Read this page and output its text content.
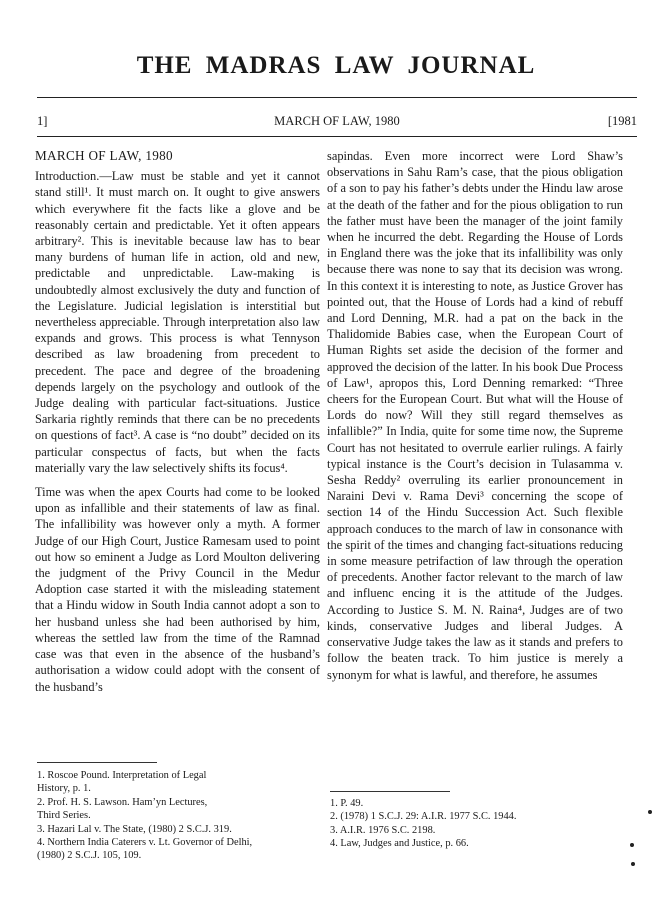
THE MADRAS LAW JOURNAL
1]	MARCH OF LAW, 1980	[1981

MARCH OF LAW, 1980

Introduction.—Law must be stable and yet it cannot stand still¹. It must march on. It ought to give answers which everywhere fit the facts like a glove and be reasonably certain and predictable. Yet it often appears arbitrary². This is inevitable because law has to bear many burdens of human life in action, old and new, predictable and unpredictable. Law-making is undoubtedly almost exclusively the duty and function of the Legislature. Judicial legislation is interstitial but nevertheless appreciable. Through interpretation also law expands and grows. This process is what Tennyson described as law broadening from precedent to precedent. The pace and degree of the broadening depends largely on the psychology and outlook of the Judge dealing with particular fact-situations. Justice Sarkaria rightly reminds that there can be no precedents on questions of fact³. A case is “no doubt” decided on its particular conspectus of facts, but when the facts materially vary the law selectively shifts its focus⁴.

Time was when the apex Courts had come to be looked upon as infallible and their statements of law as final. The infallibility was however only a myth. A former Judge of our High Court, Justice Ramesam used to point out how so eminent a Judge as Lord Moulton delivering the judgment of the Privy Council in the Medur Adoption case started it with the misleading statement that a Hindu widow in South India cannot adopt a son to her husband unless she had been authorised by him, whereas the settled law from the time of the Ramnad case was that even in the absence of the husband’s authorisation a widow could adopt with the consent of the husband’s

sapindas. Even more incorrect were Lord Shaw’s observations in Sahu Ram’s case, that the pious obligation of a son to pay his father’s debts under the Hindu law arose at the death of the father and for the pious obligation to run the father must have been the manager of the joint family when he incurred the debt. Regarding the House of Lords in England there was the joke that its infallibility was only because there was none to say that its decision was wrong. In this context it is interesting to note, as Justice Grover has pointed out, that the House of Lords had a kind of rebuff and Lord Denning, M.R. had a pat on the back in the Thalidomide Babies case, when the European Court of Human Rights set aside the decision of the former and approved the decision of the latter. In his book Due Process of Law¹, apropos this, Lord Denning remarked: “Three cheers for the European Court. But what will the House of Lords do now? Will they still regard themselves as infallible?” In India, quite for some time now, the Supreme Court has not hesitated to overrule earlier rulings. A fairly typical instance is the Court’s decision in Tulasamma v. Sesha Reddy² overruling its earlier pronouncement in Naraini Devi v. Rama Devi³ concerning the scope of section 14 of the Hindu Succession Act. Such flexible approach conduces to the march of law in consonance with the spirit of the times and changing fact-situations reducing in some measure petrifaction of law through the operation of precedents. Another factor relevant to the march of law and influenc encing it is the attitude of the Judges. According to Justice S. M. N. Raina⁴, Judges are of two kinds, conservative Judges and liberal Judges. A conservative Judge takes the law as it stands and prefers to follow the beaten track. To him justice is merely a synonym for what is lawful, and therefore, he assumes

1. Roscoe Pound. Interpretation of Legal
History, p. 1.
2. Prof. H. S. Lawson. Ham’yn Lectures,
Third Series.
3. Hazari Lal v. The State, (1980) 2 S.C.J. 319.
4. Northern India Caterers v. Lt. Governor of Delhi,
(1980) 2 S.C.J. 105, 109.
1. P. 49.
2. (1978) 1 S.C.J. 29: A.I.R. 1977 S.C. 1944.
3. A.I.R. 1976 S.C. 2198.
4. Law, Judges and Justice, p. 66.
